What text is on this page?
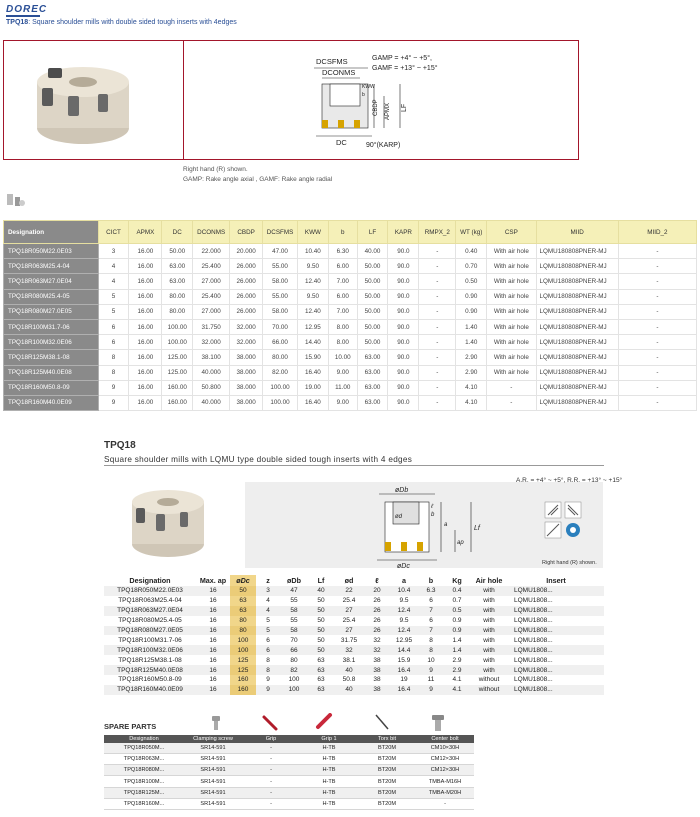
DOREC
TPQ18: Square shoulder mills with double sided tough inserts with 4edges
DCSFMS
DCONMS
KWW
b
CBDP APMX LF
DC	90°(KARP)
GAMP = +4° ~ +5°,
GAMF = +13° ~ +15°
Right hand (R) shown.
GAMP: Rake angle axial , GAMF: Rake angle radial
Designation	CICT	APMX	DC	DCONMS	CBDP	DCSFMS	KWW	b	LF	KAPR	RMPX_2	WT (kg)	CSP	MIID	MIID_2
TPQ18R050M22.0E03	3	16.00	50.00	22.000	20.000	47.00	10.40	6.30	40.00	90.0	-	0.40	With air hole	LQMU180808PNER-MJ	-
TPQ18R063M25.4-04	4	16.00	63.00	25.400	26.000	55.00	9.50	6.00	50.00	90.0	-	0.70	With air hole	LQMU180808PNER-MJ	-
TPQ18R063M27.0E04	4	16.00	63.00	27.000	26.000	58.00	12.40	7.00	50.00	90.0	-	0.50	With air hole	LQMU180808PNER-MJ	-
TPQ18R080M25.4-05	5	16.00	80.00	25.400	26.000	55.00	9.50	6.00	50.00	90.0	-	0.90	With air hole	LQMU180808PNER-MJ	-
TPQ18R080M27.0E05	5	16.00	80.00	27.000	26.000	58.00	12.40	7.00	50.00	90.0	-	0.90	With air hole	LQMU180808PNER-MJ	-
TPQ18R100M31.7-06	6	16.00	100.00	31.750	32.000	70.00	12.95	8.00	50.00	90.0	-	1.40	With air hole	LQMU180808PNER-MJ	-
TPQ18R100M32.0E06	6	16.00	100.00	32.000	32.000	66.00	14.40	8.00	50.00	90.0	-	1.40	With air hole	LQMU180808PNER-MJ	-
TPQ18R125M38.1-08	8	16.00	125.00	38.100	38.000	80.00	15.90	10.00	63.00	90.0	-	2.90	With air hole	LQMU180808PNER-MJ	-
TPQ18R125M40.0E08	8	16.00	125.00	40.000	38.000	82.00	16.40	9.00	63.00	90.0	-	2.90	With air hole	LQMU180808PNER-MJ	-
TPQ18R160M50.8-09	9	16.00	160.00	50.800	38.000	100.00	19.00	11.00	63.00	90.0	-	4.10	-	LQMU180808PNER-MJ	-
TPQ18R160M40.0E09	9	16.00	160.00	40.000	38.000	100.00	16.40	9.00	63.00	90.0	-	4.10	-	LQMU180808PNER-MJ	-
TPQ18
Square shoulder mills with LQMU type double sided tough inserts with 4 edges
øDb
ℓ
b
a	Lf
ap
ød
øDc
A.R. = +4° ~ +5°, R.R. = +13° ~ +15°
Right hand (R) shown.
Designation	Max. ap	øDc	z	øDb	Lf	ød	ℓ	a	b	Kg	Air hole	Insert
TPQ18R050M22.0E03	16	50	3	47	40	22	20	10.4	6.3	0.4	with	LQMU1808...
TPQ18R063M25.4-04	16	63	4	55	50	25.4	26	9.5	6	0.7	with	LQMU1808...
TPQ18R063M27.0E04	16	63	4	58	50	27	26	12.4	7	0.5	with	LQMU1808...
TPQ18R080M25.4-05	16	80	5	55	50	25.4	26	9.5	6	0.9	with	LQMU1808...
TPQ18R080M27.0E05	16	80	5	58	50	27	26	12.4	7	0.9	with	LQMU1808...
TPQ18R100M31.7-06	16	100	6	70	50	31.75	32	12.95	8	1.4	with	LQMU1808...
TPQ18R100M32.0E06	16	100	6	66	50	32	32	14.4	8	1.4	with	LQMU1808...
TPQ18R125M38.1-08	16	125	8	80	63	38.1	38	15.9	10	2.9	with	LQMU1808...
TPQ18R125M40.0E08	16	125	8	82	63	40	38	16.4	9	2.9	with	LQMU1808...
TPQ18R160M50.8-09	16	160	9	100	63	50.8	38	19	11	4.1	without	LQMU1808...
TPQ18R160M40.0E09	16	160	9	100	63	40	38	16.4	9	4.1	without	LQMU1808...
SPARE PARTS
Designation	Clamping screw	Grip	Grip 1	Torx bit	Center bolt
TPQ18R050M...	SR14-591	-	H-TB	BT20M	CM10×30H
TPQ18R063M...	SR14-591	-	H-TB	BT20M	CM12×30H
TPQ18R080M...	SR14-591	-	H-TB	BT20M	CM12×30H
TPQ18R100M...	SR14-591	-	H-TB	BT20M	TMBA-M16H
TPQ18R125M...	SR14-591	-	H-TB	BT20M	TMBA-M20H
TPQ18R160M...	SR14-591	-	H-TB	BT20M	-
